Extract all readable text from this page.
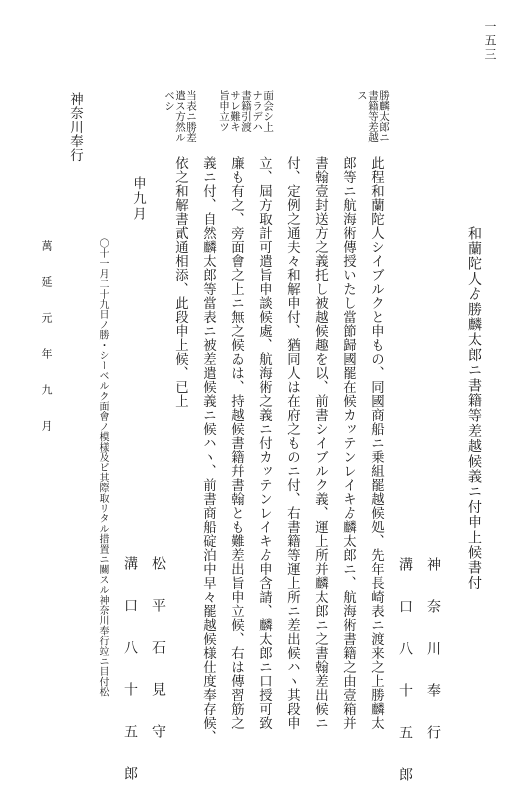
一五三
神奈川奉行
和蘭陀人ゟ勝麟太郎ニ書籍等差越候義ニ付申上候書付
神 奈 川 奉 行
溝 口 八 十 五 郎
勝麟太郎ニ書籍等差越ス
面会シ上ナラデハ書籍引渡サレ難キ旨申立ツ
当表ニ勝差遣ス方然ルベシ
此程和蘭陀人シイブルクと申もの、同國商船ニ乗組罷越候処、先年長崎表ニ渡来之上勝麟太
郎等ニ航海術傳授いたし當節歸國罷在候カッテンレイキゟ麟太郎ニ、航海術書籍之由壹箱并
書翰壹封送方之義托し被越候趣を以、前書シイブルク義、運上所并麟太郎ニ之書翰差出候ニ
付、定例之通夫々和解申付、猶同人は在府之ものニ付、右書籍等運上所ニ差出候ハヽ其段申
立、屆方取計可遣旨申談候處、航海術之義ニ付カッテンレイキゟ申含請、麟太郎ニ口授可致
廉も有之、旁面會之上ニ無之候ゐは、持越候書籍幷書翰とも難差出旨申立候、右は傳習筋之
義ニ付、自然麟太郎等當表ニ被差遣候義ニ候ハヽ、前書商船碇泊中早々罷越候様仕度奉存候、
依之和解書貳通相添、此段申上候、已上
申九月
松 平 石 見 守
溝 口 八 十 五 郎
萬 延 元 年 九 月	〇十一月二十九日ノ勝・シーベルク面會ノ模樣及ビ其際取リタル措置ニ關スル神奈川奉行竝ニ目付松
